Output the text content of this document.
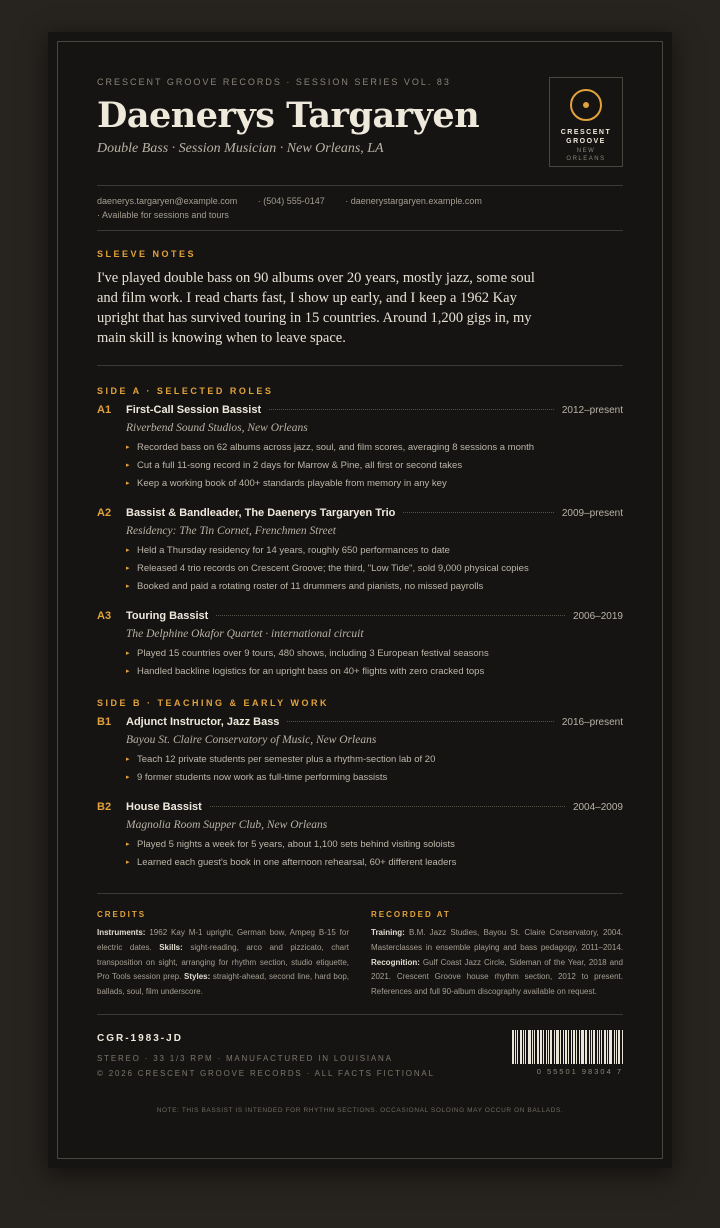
CRESCENT GROOVE RECORDS · SESSION SERIES VOL. 83
Daenerys Targaryen
Double Bass · Session Musician · New Orleans, LA
CRESCENT
GROOVE
NEW
ORLEANS
daenerys.targaryen@example.com · (504) 555-0147 · daenerystargaryen.example.com
· Available for sessions and tours
SLEEVE NOTES

I've played double bass on 90 albums over 20 years, mostly jazz, some soul and film work. I read charts fast, I show up early, and I keep a 1962 Kay upright that has survived touring in 15 countries. Around 1,200 gigs in, my main skill is knowing when to leave space.

SIDE A · SELECTED ROLES
A1	First-Call Session Bassist	2012–present
Riverbend Sound Studios, New Orleans
▸ Recorded bass on 62 albums across jazz, soul, and film scores, averaging 8 sessions a month
▸ Cut a full 11-song record in 2 days for Marrow & Pine, all first or second takes
▸ Keep a working book of 400+ standards playable from memory in any key
A2	Bassist & Bandleader, The Daenerys Targaryen Trio	2009–present
Residency: The Tin Cornet, Frenchmen Street
▸ Held a Thursday residency for 14 years, roughly 650 performances to date
▸ Released 4 trio records on Crescent Groove; the third, "Low Tide", sold 9,000 physical copies
▸ Booked and paid a rotating roster of 11 drummers and pianists, no missed payrolls
A3	Touring Bassist	2006–2019
The Delphine Okafor Quartet · international circuit
▸ Played 15 countries over 9 tours, 480 shows, including 3 European festival seasons
▸ Handled backline logistics for an upright bass on 40+ flights with zero cracked tops
SIDE B · TEACHING & EARLY WORK
B1	Adjunct Instructor, Jazz Bass	2016–present
Bayou St. Claire Conservatory of Music, New Orleans
▸ Teach 12 private students per semester plus a rhythm-section lab of 20
▸ 9 former students now work as full-time performing bassists
B2	House Bassist	2004–2009
Magnolia Room Supper Club, New Orleans
▸ Played 5 nights a week for 5 years, about 1,100 sets behind visiting soloists
▸ Learned each guest's book in one afternoon rehearsal, 60+ different leaders
CREDITS

Instruments: 1962 Kay M-1 upright, German bow, Ampeg B-15 for electric dates. Skills: sight-reading, arco and pizzicato, chart transposition on sight, arranging for rhythm section, studio etiquette, Pro Tools session prep. Styles: straight-ahead, second line, hard bop, ballads, soul, film underscore.

RECORDED AT

Training: B.M. Jazz Studies, Bayou St. Claire Conservatory, 2004. Masterclasses in ensemble playing and bass pedagogy, 2011–2014. Recognition: Gulf Coast Jazz Circle, Sideman of the Year, 2018 and 2021. Crescent Groove house rhythm section, 2012 to present. References and full 90-album discography available on request.

CGR-1983-JD
STEREO · 33 1/3 RPM · MANUFACTURED IN LOUISIANA
© 2026 CRESCENT GROOVE RECORDS · ALL FACTS FICTIONAL	0 55501 98304 7
NOTE: THIS BASSIST IS INTENDED FOR RHYTHM SECTIONS. OCCASIONAL SOLOING MAY OCCUR ON BALLADS.
